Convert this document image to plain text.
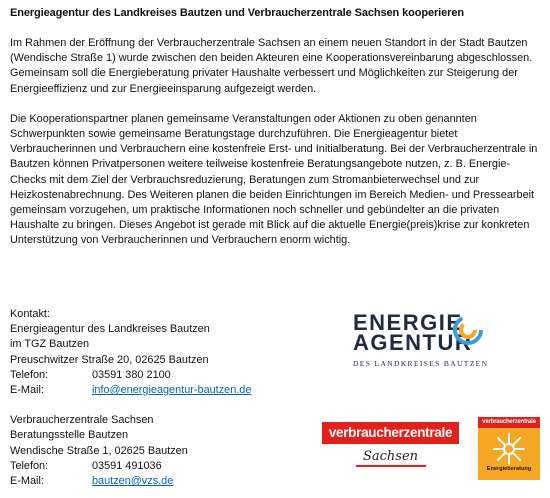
Energieagentur des Landkreises Bautzen und Verbraucherzentrale Sachsen kooperieren

Im Rahmen der Eröffnung der Verbraucherzentrale Sachsen an einem neuen Standort in der Stadt Bautzen (Wendische Straße 1) wurde zwischen den beiden Akteuren eine Kooperationsvereinbarung abgeschlossen. Gemeinsam soll die Energieberatung privater Haushalte verbessert und Möglichkeiten zur Steigerung der Energieeffizienz und zur Energieeinsparung aufgezeigt werden.

Die Kooperationspartner planen gemeinsame Veranstaltungen oder Aktionen zu oben genannten Schwerpunkten sowie gemeinsame Beratungstage durchzuführen. Die Energieagentur bietet Verbraucherinnen und Verbrauchern eine kostenfreie Erst- und Initialberatung. Bei der Verbraucherzentrale in Bautzen können Privatpersonen weitere teilweise kostenfreie Beratungsangebote nutzen, z. B. Energie-Checks mit dem Ziel der Verbrauchsreduzierung, Beratungen zum Stromanbieterwechsel und zur Heizkostenabrechnung. Des Weiteren planen die beiden Einrichtungen im Bereich Medien- und Pressearbeit gemeinsam vorzugehen, um praktische Informationen noch schneller und gebündelter an die privaten Haushalte zu bringen. Dieses Angebot ist gerade mit Blick auf die aktuelle Energie(preis)krise zur konkreten Unterstützung von Verbraucherinnen und Verbrauchern enorm wichtig.

Kontakt:
Energieagentur des Landkreises Bautzen
im TGZ Bautzen
Preuschwitzer Straße 20, 02625 Bautzen
Telefon:	03591 380 2100
E-Mail:	info@energieagentur-bautzen.de
Verbraucherzentrale Sachsen
Beratungsstelle Bautzen
Wendische Straße 1, 02625 Bautzen
Telefon:	03591 491036
E-Mail:	bautzen@vzs.de
ENERGIE
AGENTUR
DES LANDKREISES BAUTZEN
verbraucherzentrale
Sachsen
verbraucherzentrale
Energieberatung
